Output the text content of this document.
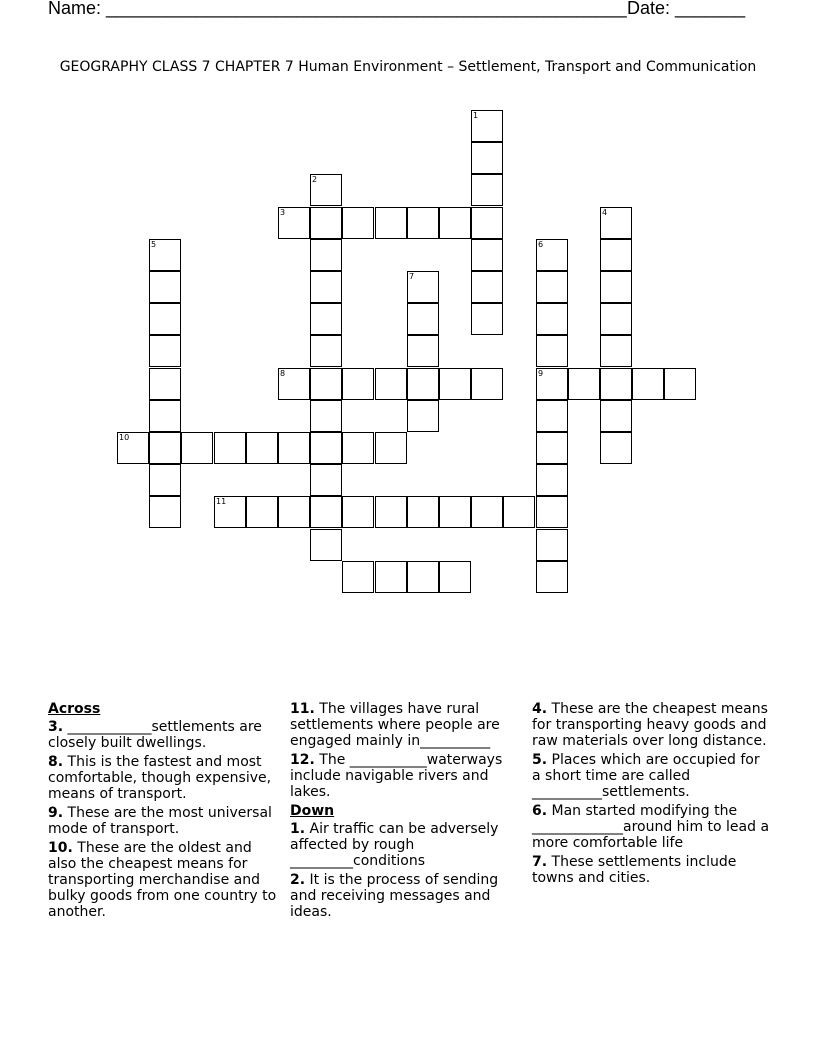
Name: ____________________________________________________ Date: _______
GEOGRAPHY CLASS 7 CHAPTER 7 Human Environment – Settlement, Transport and Communication
1
2
3	4
5	6
9
7
8
10
11
Across
3. ____________settlements are closely built dwellings.
8. This is the fastest and most comfortable, though expensive, means of transport.
9. These are the most universal mode of transport.
10. These are the oldest and also the cheapest means for transporting merchandise and bulky goods from one country to another.
11. The villages have rural settlements where people are engaged mainly in__________
12. The ___________waterways include navigable rivers and lakes.
Down
1. Air traffic can be adversely affected by rough _________conditions
2. It is the process of sending and receiving messages and ideas.
4. These are the cheapest means for transporting heavy goods and raw materials over long distance.
5. Places which are occupied for a short time are called __________settlements.
6. Man started modifying the _____________around him to lead a more comfortable life
7. These settlements include towns and cities.
